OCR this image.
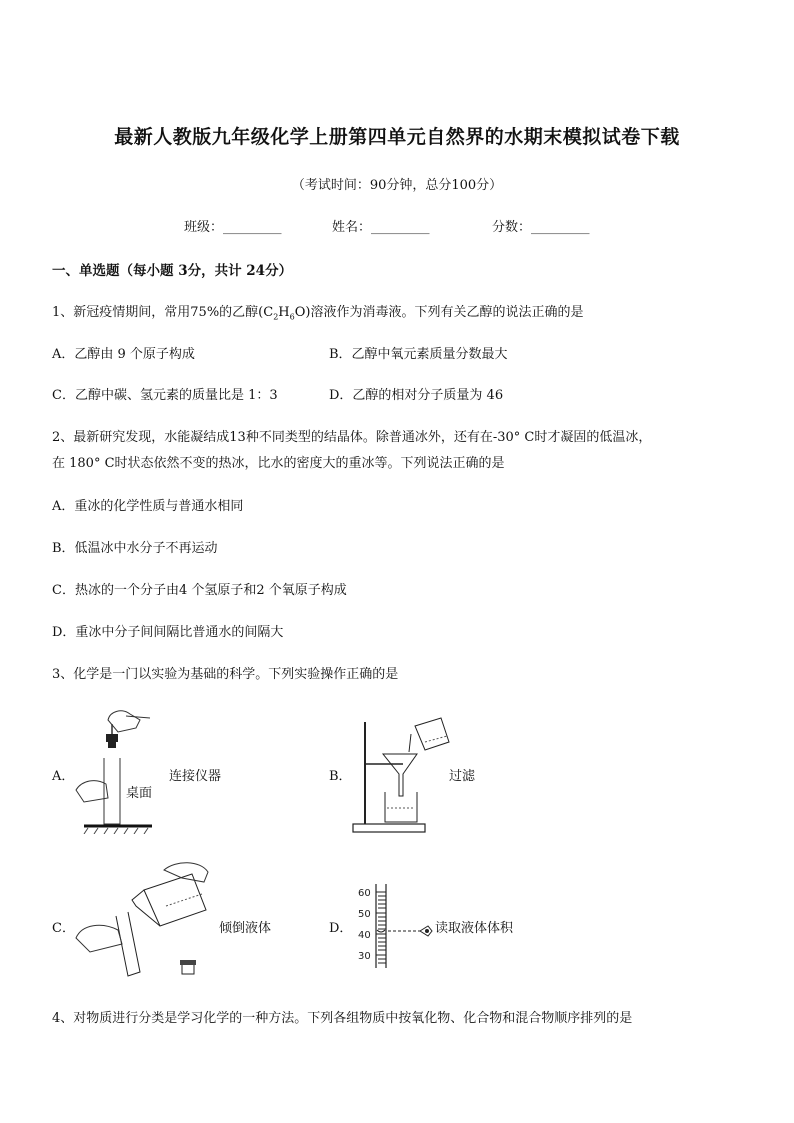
最新人教版九年级化学上册第四单元自然界的水期末模拟试卷下载
（考试时间：90分钟，总分100分）
班级：_________	姓名：_________	分数：_________
一、单选题（每小题 3分，共计 24分）
1、新冠疫情期间，常用75%的乙醇$(C_2H_6O)$溶液作为消毒液。下列有关乙醇的说法正确的是
A．乙醇由 9 个原子构成	B．乙醇中氧元素质量分数最大
C．乙醇中碳、氢元素的质量比是 1：3	D．乙醇的相对分子质量为 46
2、最新研究发现，水能凝结成13种不同类型的结晶体。除普通冰外，还有在-30° C时才凝固的低温冰，
在 180° C时状态依然不变的热冰，比水的密度大的重冰等。下列说法正确的是
A．重冰的化学性质与普通水相同
B．低温冰中水分子不再运动
C．热冰的一个分子由4 个氢原子和2 个氧原子构成
D．重冰中分子间间隔比普通水的间隔大
3、化学是一门以实验为基础的科学。下列实验操作正确的是
A．
桌面
连接仪器	B．	过滤
C．	倾倒液体	D．
60
50
40
30
读取液体体积
4、对物质进行分类是学习化学的一种方法。下列各组物质中按氧化物、化合物和混合物顺序排列的是
